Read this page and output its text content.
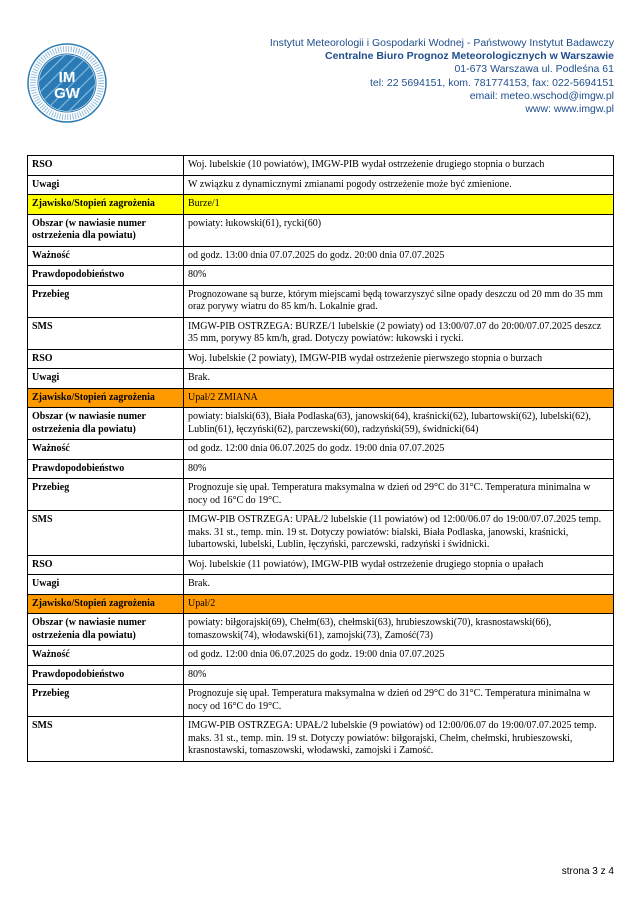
IM
GW
Instytut Meteorologii i Gospodarki Wodnej - Państwowy Instytut Badawczy
Centralne Biuro Prognoz Meteorologicznych w Warszawie
01-673 Warszawa ul. Podleśna 61
tel: 22 5694151, kom. 781774153, fax: 022-5694151
email: meteo.wschod@imgw.pl
www: www.imgw.pl
RSO	Woj. lubelskie (10 powiatów), IMGW-PIB wydał ostrzeżenie drugiego stopnia o burzach
Uwagi	W związku z dynamicznymi zmianami pogody ostrzeżenie może być zmienione.
Zjawisko/Stopień zagrożenia	Burze/1
Obszar (w nawiasie numer ostrzeżenia dla powiatu)	powiaty: łukowski(61), rycki(60)
Ważność	od godz. 13:00 dnia 07.07.2025 do godz. 20:00 dnia 07.07.2025
Prawdopodobieństwo	80%
Przebieg	Prognozowane są burze, którym miejscami będą towarzyszyć silne opady deszczu od 20 mm do 35 mm oraz porywy wiatru do 85 km/h. Lokalnie grad.
SMS	IMGW-PIB OSTRZEGA: BURZE/1 lubelskie (2 powiaty) od 13:00/07.07 do 20:00/07.07.2025 deszcz 35 mm, porywy 85 km/h, grad. Dotyczy powiatów: łukowski i rycki.
RSO	Woj. lubelskie (2 powiaty), IMGW-PIB wydał ostrzeżenie pierwszego stopnia o burzach
Uwagi	Brak.
Zjawisko/Stopień zagrożenia	Upał/2 ZMIANA
Obszar (w nawiasie numer ostrzeżenia dla powiatu)	powiaty: bialski(63), Biała Podlaska(63), janowski(64), kraśnicki(62), lubartowski(62), lubelski(62), Lublin(61), łęczyński(62), parczewski(60), radzyński(59), świdnicki(64)
Ważność	od godz. 12:00 dnia 06.07.2025 do godz. 19:00 dnia 07.07.2025
Prawdopodobieństwo	80%
Przebieg	Prognozuje się upał. Temperatura maksymalna w dzień od 29°C do 31°C. Temperatura minimalna w nocy od 16°C do 19°C.
SMS	IMGW-PIB OSTRZEGA: UPAŁ/2 lubelskie (11 powiatów) od 12:00/06.07 do 19:00/07.07.2025 temp. maks. 31 st., temp. min. 19 st. Dotyczy powiatów: bialski, Biała Podlaska, janowski, kraśnicki, lubartowski, lubelski, Lublin, łęczyński, parczewski, radzyński i świdnicki.
RSO	Woj. lubelskie (11 powiatów), IMGW-PIB wydał ostrzeżenie drugiego stopnia o upałach
Uwagi	Brak.
Zjawisko/Stopień zagrożenia	Upał/2
Obszar (w nawiasie numer ostrzeżenia dla powiatu)	powiaty: biłgorajski(69), Chełm(63), chełmski(63), hrubieszowski(70), krasnostawski(66), tomaszowski(74), włodawski(61), zamojski(73), Zamość(73)
Ważność	od godz. 12:00 dnia 06.07.2025 do godz. 19:00 dnia 07.07.2025
Prawdopodobieństwo	80%
Przebieg	Prognozuje się upał. Temperatura maksymalna w dzień od 29°C do 31°C. Temperatura minimalna w nocy od 16°C do 19°C.
SMS	IMGW-PIB OSTRZEGA: UPAŁ/2 lubelskie (9 powiatów) od 12:00/06.07 do 19:00/07.07.2025 temp. maks. 31 st., temp. min. 19 st. Dotyczy powiatów: biłgorajski, Chełm, chełmski, hrubieszowski, krasnostawski, tomaszowski, włodawski, zamojski i Zamość.
strona 3 z 4
